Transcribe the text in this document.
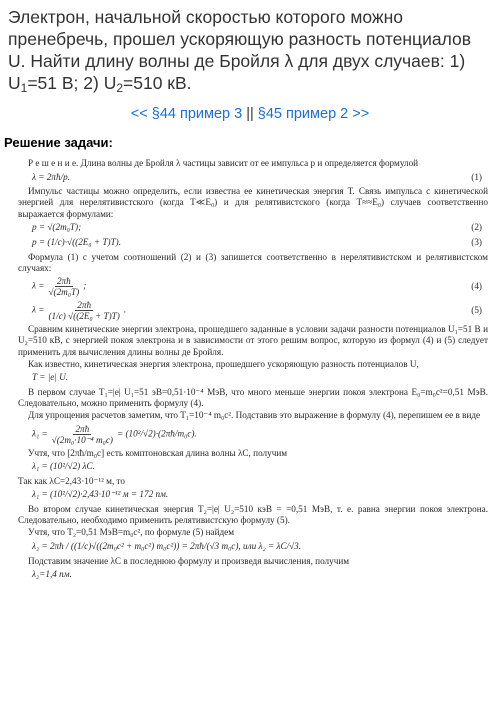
Электрон, начальной скоростью которого можно пренебречь, прошел ускоряющую разность потенциалов U. Найти длину волны де Бройля λ для двух случаев: 1) $U_1=51$ В; 2) $U_2=510$ кВ.

<< §44 пример 3 || §45 пример 2 >>
Решение задачи:

Р е ш е н и е. Длина волны де Бройля λ частицы зависит от ее импульса p и определяется формулой

λ = 2πħ/p.	(1)

Импульс частицы можно определить, если известна ее кинетическая энергия T. Связь импульса с кинетической энергией для нерелятивистского (когда T≪E₀) и для релятивистского (когда T≈≈E₀) случаев соответственно выражается формулами:

p = √(2m₀T);	(2)
p = (1/c)·√((2E₀ + T)T).	(3)

Формула (1) с учетом соотношений (2) и (3) запишется соответственно в нерелятивистском и релятивистском случаях:

$\lambda = \frac{2\pi ħ}{\text{√(2m₀T)}}$ ;	(4)
$\lambda = \frac{2\pi ħ}{\text{(1/c) √((2E₀ + T)T)}}$ .	(5)

Сравним кинетические энергии электрона, прошедшего заданные в условии задачи разности потенциалов U₁=51 В и U₂=510 кВ, с энергией покоя электрона и в зависимости от этого решим вопрос, которую из формул (4) и (5) следует применить для вычисления длины волны де Бройля.

Как известно, кинетическая энергия электрона, прошедшего ускоряющую разность потенциалов U,

T = |e| U.

В первом случае T₁=|e| U₁=51 эВ=0,51·10⁻⁴ МэВ, что много меньше энергии покоя электрона E₀=m₀c²=0,51 МэВ. Следовательно, можно применить формулу (4).

Для упрощения расчетов заметим, что T₁=10⁻⁴ m₀c². Подставив это выражение в формулу (4), перепишем ее в виде

$\lambda_1 = \frac{2\pi ħ}{\text{√(2m₀·10⁻⁴ m₀c)}}$ = (10²/√2)·(2πħ/m₀c).

Учтя, что [2πħ/m₀c] есть комптоновская длина волны λC, получим

λ₁ = (10²/√2) λC.

Так как λC=2,43·10⁻¹² м, то

λ₁ = (10²/√2)·2,43·10⁻¹² м = 172 пм.

Во втором случае кинетическая энергия T₂=|e| U₂=510 кэВ = =0,51 МэВ, т. е. равна энергии покоя электрона. Следовательно, необходимо применить релятивистскую формулу (5).

Учтя, что T₂=0,51 МэВ=m₀c², по формуле (5) найдем

λ₂ = 2πħ / ((1/c)√((2m₀c² + m₀c²) m₀c²)) = 2πħ/(√3 m₀c), или λ₂ = λC/√3.

Подставим значение λC в последнюю формулу и произведя вычисления, получим

λ₂=1,4 пм.
